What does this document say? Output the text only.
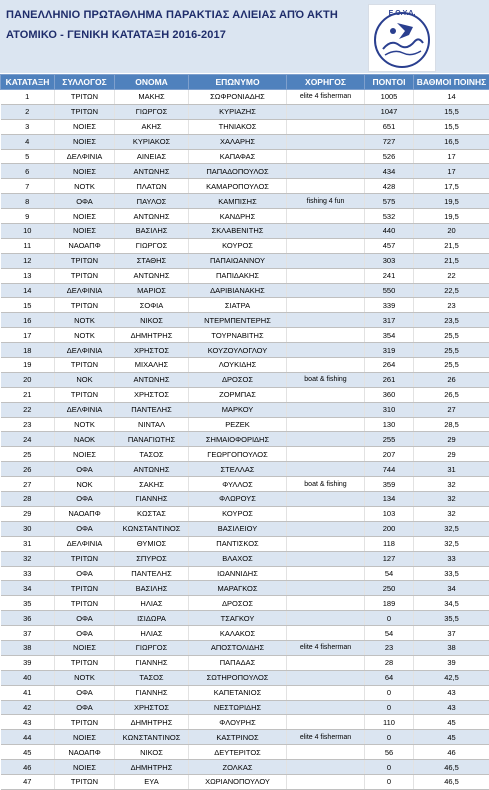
ΠΑΝΕΛΛΗΝΙΟ ΠΡΩΤΑΘΛΗΜΑ ΠΑΡΑΚΤΙΑΣ ΑΛΙΕΙΑΣ ΑΠΌ ΑΚΤΗ
ΑΤΟΜΙΚΟ - ΓΕΝΙΚΗ ΚΑΤΑΤΑΞΗ 2016-2017
Ε.Ο.Υ.Δ.
ΚΑΤΑΤΑΞΗ	ΣΥΛΛΟΓΟΣ	ΟΝΟΜΑ	ΕΠΩΝΥΜΟ	ΧΟΡΗΓΟΣ	ΠΟΝΤΟΙ	ΒΑΘΜΟΙ ΠΟΙΝΗΣ
1	ΤΡΙΤΩΝ	ΜΑΚΗΣ	ΣΩΦΡΟΝΙΑΔΗΣ	elite 4 fisherman	1005	14
2	ΤΡΙΤΩΝ	ΓΙΩΡΓΟΣ	ΚΥΡΙΑΖΗΣ		1047	15,5
3	ΝΟΙΕΣ	ΑΚΗΣ	ΤΗΝΙΑΚΟΣ		651	15,5
4	ΝΟΙΕΣ	ΚΥΡΙΑΚΟΣ	ΧΑΛΑΡΗΣ		727	16,5
5	ΔΕΛΦΙΝΙΑ	ΑΙΝΕΙΑΣ	ΚΑΠΑΦΑΣ		526	17
6	ΝΟΙΕΣ	ΑΝΤΩΝΗΣ	ΠΑΠΑΔΟΠΟΥΛΟΣ		434	17
7	ΝΟΤΚ	ΠΛΑΤΩΝ	ΚΑΜΑΡΟΠΟΥΛΟΣ		428	17,5
8	ΟΦΑ	ΠΑΥΛΟΣ	ΚΑΜΠΙΣΗΣ	fishing 4 fun	575	19,5
9	ΝΟΙΕΣ	ΑΝΤΩΝΗΣ	ΚΑΝΔΡΗΣ		532	19,5
10	ΝΟΙΕΣ	ΒΑΣΙΛΗΣ	ΣΚΛΑΒΕΝΙΤΗΣ		440	20
11	ΝΑΟΑΠΦ	ΓΙΩΡΓΟΣ	ΚΟΥΡΟΣ		457	21,5
12	ΤΡΙΤΩΝ	ΣΤΑΘΗΣ	ΠΑΠΑΙΩΑΝΝΟΥ		303	21,5
13	ΤΡΙΤΩΝ	ΑΝΤΩΝΗΣ	ΠΑΠΙΔΑΚΗΣ		241	22
14	ΔΕΛΦΙΝΙΑ	ΜΑΡΙΟΣ	ΔΑΡΙΒΙΑΝΑΚΗΣ		550	22,5
15	ΤΡΙΤΩΝ	ΣΟΦΙΑ	ΣΙΑΤΡΑ		339	23
16	ΝΟΤΚ	ΝΙΚΟΣ	ΝΤΕΡΜΠΕΝΤΕΡΗΣ		317	23,5
17	ΝΟΤΚ	ΔΗΜΗΤΡΗΣ	ΤΟΥΡΝΑΒΙΤΗΣ		354	25,5
18	ΔΕΛΦΙΝΙΑ	ΧΡΗΣΤΟΣ	ΚΟΥΖΟΥΛΟΓΛΟΥ		319	25,5
19	ΤΡΙΤΩΝ	ΜΙΧΑΛΗΣ	ΛΟΥΚΙΔΗΣ		264	25,5
20	ΝΟΚ	ΑΝΤΩΝΗΣ	ΔΡΟΣΟΣ	boat & fishing	261	26
21	ΤΡΙΤΩΝ	ΧΡΗΣΤΟΣ	ΖΟΡΜΠΑΣ		360	26,5
22	ΔΕΛΦΙΝΙΑ	ΠΑΝΤΕΛΗΣ	ΜΑΡΚΟΥ		310	27
23	ΝΟΤΚ	ΝΙΝΤΑΛ	ΡΕΖΕΚ		130	28,5
24	ΝΑΟΚ	ΠΑΝΑΓΙΩΤΗΣ	ΣΗΜΑΙΟΦΟΡΙΔΗΣ		255	29
25	ΝΟΙΕΣ	ΤΑΣΟΣ	ΓΕΩΡΓΟΠΟΥΛΟΣ		207	29
26	ΟΦΑ	ΑΝΤΩΝΗΣ	ΣΤΕΛΛΑΣ		744	31
27	ΝΟΚ	ΣΑΚΗΣ	ΦΥΛΛΟΣ	boat & fishing	359	32
28	ΟΦΑ	ΓΙΑΝΝΗΣ	ΦΛΩΡΟΥΣ		134	32
29	ΝΑΟΑΠΦ	ΚΩΣΤΑΣ	ΚΟΥΡΟΣ		103	32
30	ΟΦΑ	ΚΩΝΣΤΑΝΤΙΝΟΣ	ΒΑΣΙΛΕΙΟΥ		200	32,5
31	ΔΕΛΦΙΝΙΑ	ΘΥΜΙΟΣ	ΠΑΝΤΙΣΚΟΣ		118	32,5
32	ΤΡΙΤΩΝ	ΣΠΥΡΟΣ	ΒΛΑΧΟΣ		127	33
33	ΟΦΑ	ΠΑΝΤΕΛΗΣ	ΙΩΑΝΝΙΔΗΣ		54	33,5
34	ΤΡΙΤΩΝ	ΒΑΣΙΛΗΣ	ΜΑΡΑΓΚΟΣ		250	34
35	ΤΡΙΤΩΝ	ΗΛΙΑΣ	ΔΡΟΣΟΣ		189	34,5
36	ΟΦΑ	ΙΣΙΔΩΡΑ	ΤΣΑΓΚΟΥ		0	35,5
37	ΟΦΑ	ΗΛΙΑΣ	ΚΑΛΑΚΟΣ		54	37
38	ΝΟΙΕΣ	ΓΙΩΡΓΟΣ	ΑΠΟΣΤΟΛΙΔΗΣ	elite 4 fisherman	23	38
39	ΤΡΙΤΩΝ	ΓΙΑΝΝΗΣ	ΠΑΠΑΔΑΣ		28	39
40	ΝΟΤΚ	ΤΑΣΟΣ	ΣΩΤΗΡΟΠΟΥΛΟΣ		64	42,5
41	ΟΦΑ	ΓΙΑΝΝΗΣ	ΚΑΠΕΤΑΝΙΟΣ		0	43
42	ΟΦΑ	ΧΡΗΣΤΟΣ	ΝΕΣΤΩΡΙΔΗΣ		0	43
43	ΤΡΙΤΩΝ	ΔΗΜΗΤΡΗΣ	ΦΛΟΥΡΗΣ		110	45
44	ΝΟΙΕΣ	ΚΩΝΣΤΑΝΤΙΝΟΣ	ΚΑΣΤΡΙΝΟΣ	elite 4 fisherman	0	45
45	ΝΑΟΑΠΦ	ΝΙΚΟΣ	ΔΕΥΤΕΡΙΤΟΣ		56	46
46	ΝΟΙΕΣ	ΔΗΜΗΤΡΗΣ	ΖΟΛΚΑΣ		0	46,5
47	ΤΡΙΤΩΝ	ΕΥΑ	ΧΩΡΙΑΝΟΠΟΥΛΟΥ		0	46,5
